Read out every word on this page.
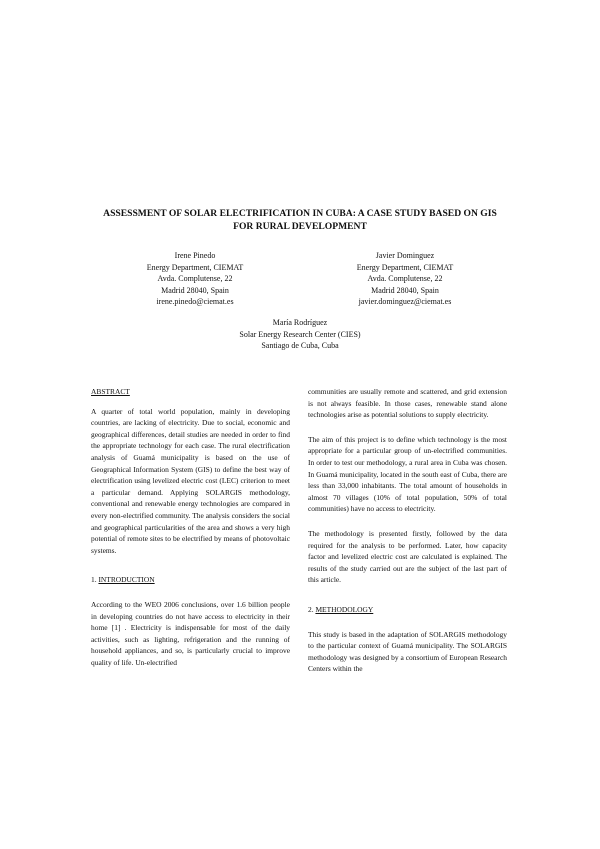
ASSESSMENT OF SOLAR ELECTRIFICATION IN CUBA: A CASE STUDY BASED ON GIS
FOR RURAL DEVELOPMENT
Irene Pinedo
Energy Department, CIEMAT
Avda. Complutense, 22
Madrid 28040, Spain
irene.pinedo@ciemat.es
Javier Dominguez
Energy Department, CIEMAT
Avda. Complutense, 22
Madrid 28040, Spain
javier.dominguez@ciemat.es
María Rodríguez
Solar Energy Research Center (CIES)
Santiago de Cuba, Cuba
ABSTRACT
A quarter of total world population, mainly in developing countries, are lacking of electricity. Due to social, economic and geographical differences, detail studies are needed in order to find the appropriate technology for each case. The rural electrification analysis of Guamá municipality is based on the use of Geographical Information System (GIS) to define the best way of electrification using levelized electric cost (LEC) criterion to meet a particular demand. Applying SOLARGIS methodology, conventional and renewable energy technologies are compared in every non-electrified community. The analysis considers the social and geographical particularities of the area and shows a very high potential of remote sites to be electrified by means of photovoltaic systems.
1. INTRODUCTION
According to the WEO 2006 conclusions, over 1.6 billion people in developing countries do not have access to electricity in their home [1] . Electricity is indispensable for most of the daily activities, such as lighting, refrigeration and the running of household appliances, and so, is particularly crucial to improve quality of life. Un-electrified
communities are usually remote and scattered, and grid extension is not always feasible. In those cases, renewable stand alone technologies arise as potential solutions to supply electricity.
The aim of this project is to define which technology is the most appropriate for a particular group of un-electrified communities. In order to test our methodology, a rural area in Cuba was chosen. In Guamá municipality, located in the south east of Cuba, there are less than 33,000 inhabitants. The total amount of households in almost 70 villages (10% of total population, 50% of total communities) have no access to electricity.
The methodology is presented firstly, followed by the data required for the analysis to be performed. Later, how capacity factor and levelized electric cost are calculated is explained. The results of the study carried out are the subject of the last part of this article.
2. METHODOLOGY
This study is based in the adaptation of SOLARGIS methodology to the particular context of Guamá municipality. The SOLARGIS methodology was designed by a consortium of European Research Centers within the
